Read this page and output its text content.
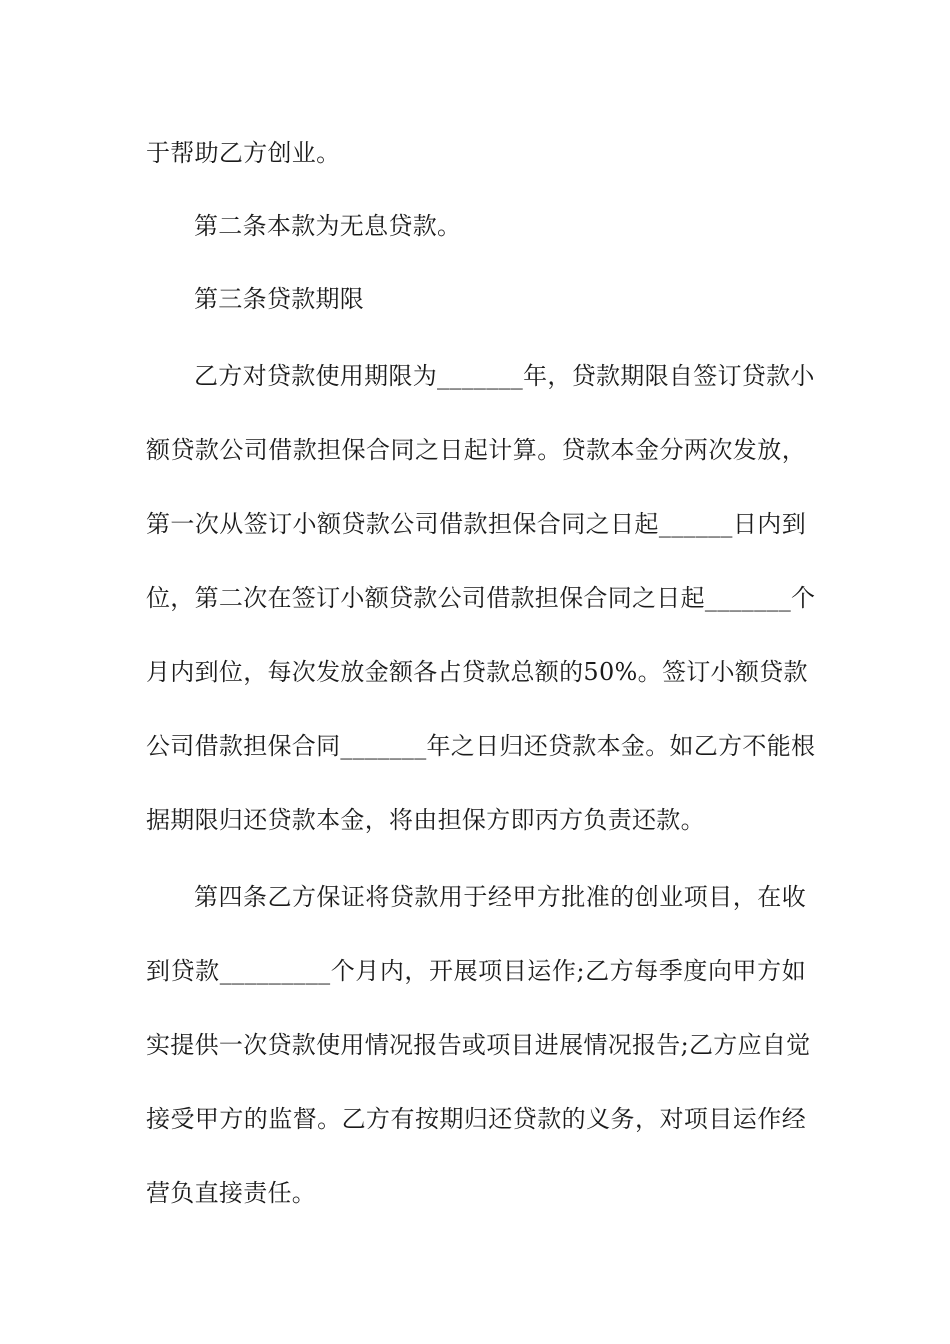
于帮助乙方创业。
第二条本款为无息贷款。
第三条贷款期限
乙方对贷款使用期限为_______年，贷款期限自签订贷款小
额贷款公司借款担保合同之日起计算。贷款本金分两次发放，
第一次从签订小额贷款公司借款担保合同之日起______日内到
位，第二次在签订小额贷款公司借款担保合同之日起_______个
月内到位，每次发放金额各占贷款总额的50%。签订小额贷款
公司借款担保合同_______年之日归还贷款本金。如乙方不能根
据期限归还贷款本金，将由担保方即丙方负责还款。
第四条乙方保证将贷款用于经甲方批准的创业项目，在收
到贷款_________个月内，开展项目运作;乙方每季度向甲方如
实提供一次贷款使用情况报告或项目进展情况报告;乙方应自觉
接受甲方的监督。乙方有按期归还贷款的义务，对项目运作经
营负直接责任。
